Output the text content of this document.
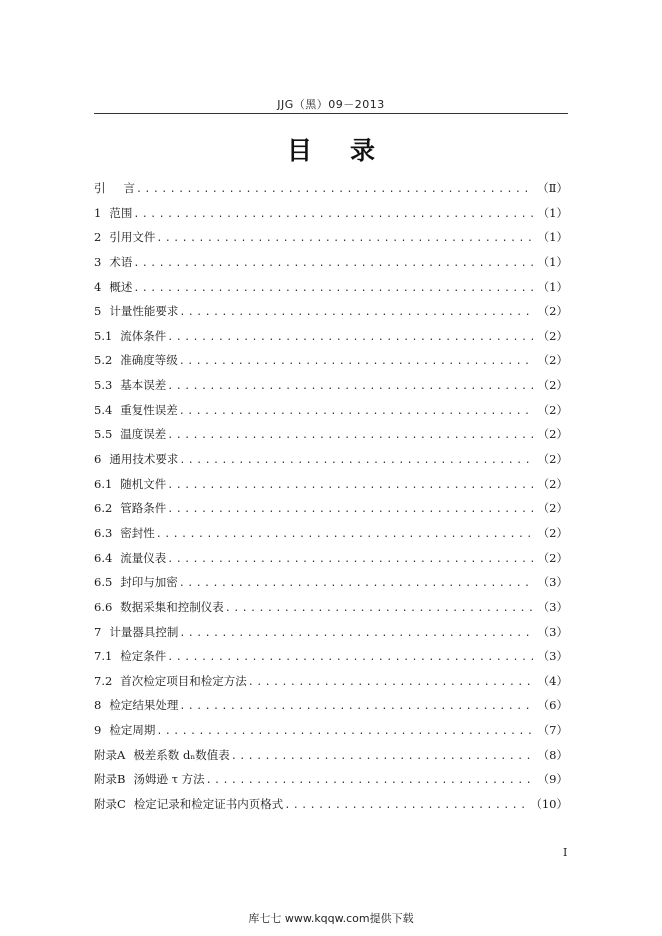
JJG（黑）09－2013
目录
引	言 .....	（Ⅱ）
1 范围 .....	（1）
2 引用文件 .....	（1）
3 术语 .....	（1）
4 概述 .....	（1）
5 计量性能要求 .....	（2）
5.1 流体条件 .....	（2）
5.2 准确度等级 .....	（2）
5.3 基本误差 .....	（2）
5.4 重复性误差 .....	（2）
5.5 温度误差 .....	（2）
6 通用技术要求 .....	（2）
6.1 随机文件 .....	（2）
6.2 管路条件 .....	（2）
6.3 密封性 .....	（2）
6.4 流量仪表 .....	（2）
6.5 封印与加密 .....	（3）
6.6 数据采集和控制仪表 .....	（3）
7 计量器具控制 .....	（3）
7.1 检定条件 .....	（3）
7.2 首次检定项目和检定方法 .....	（4）
8 检定结果处理 .....	（6）
9 检定周期 .....	（7）
附录A 极差系数 dₙ数值表 .....	（8）
附录B 汤姆逊 τ 方法 .....	（9）
附录C 检定记录和检定证书内页格式 .....	（10）
I
库七七 www.kqqw.com提供下载
